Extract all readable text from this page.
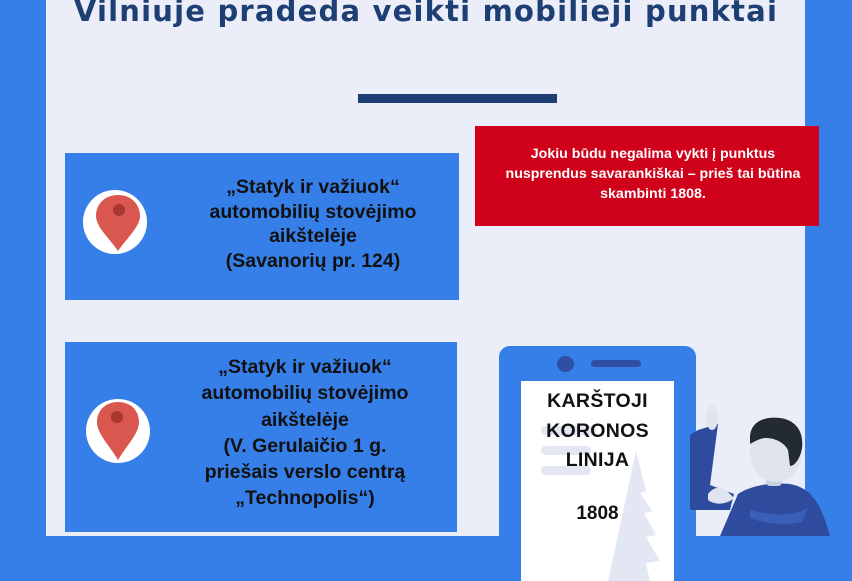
Vilniuje pradeda veikti mobilieji punktai
Jokiu būdu negalima vykti į punktus nusprendus savarankiškai – prieš tai būtina skambinti 1808.
„Statyk ir važiuok“
automobilių stovėjimo
aikštelėje
(Savanorių pr. 124)
„Statyk ir važiuok“
automobilių stovėjimo
aikštelėje
(V. Gerulaičio 1 g.
priešais verslo centrą
„Technopolis“)
KARŠTOJI
KORONOS
LINIJA
1808
